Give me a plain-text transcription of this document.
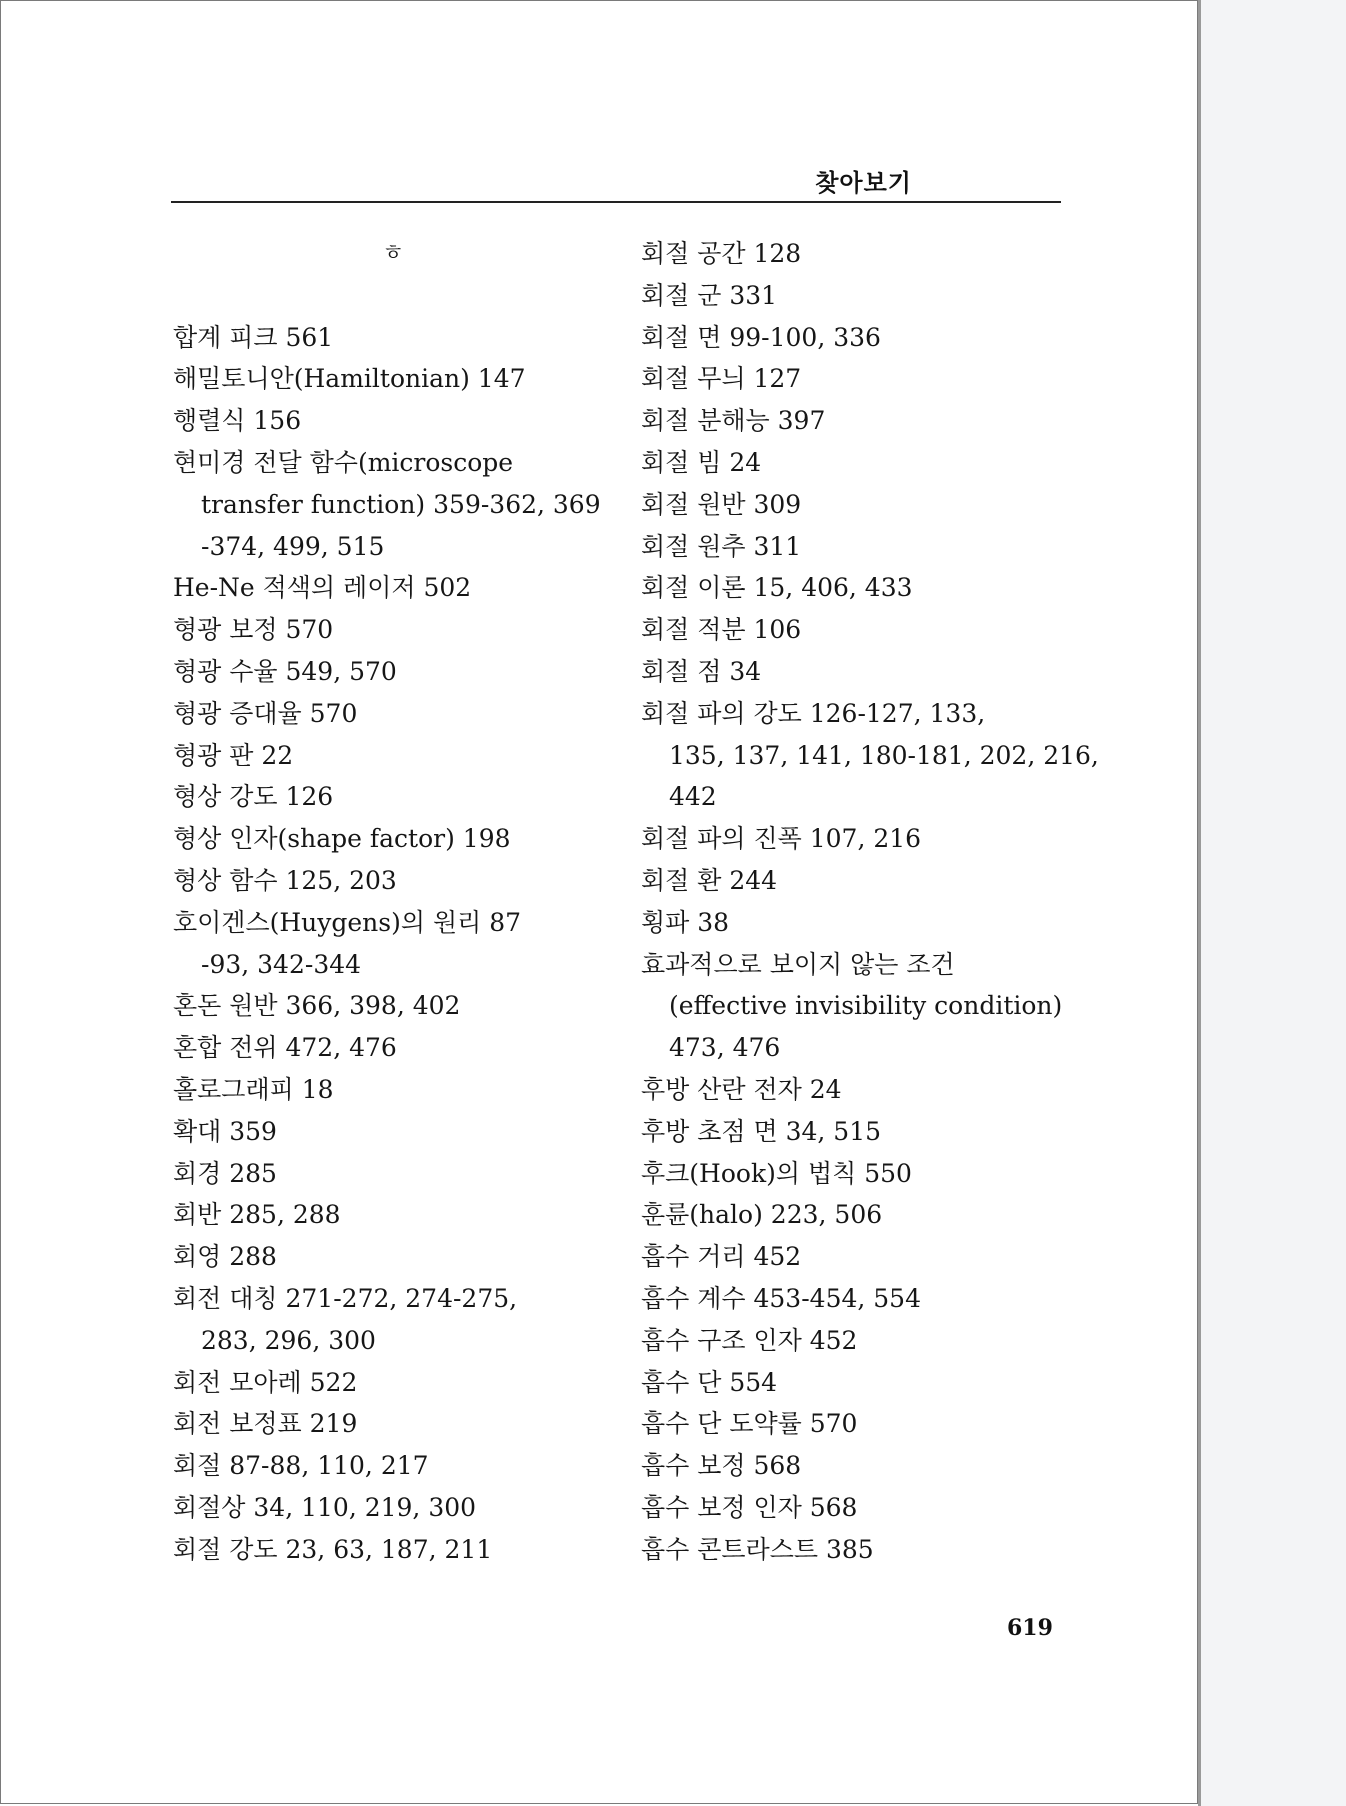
찾아보기
ㅎ
합계 피크 561
해밀토니안(Hamiltonian) 147
행렬식 156
현미경 전달 함수(microscope
transfer function) 359-362, 369
-374, 499, 515
He-Ne 적색의 레이저 502
형광 보정 570
형광 수율 549, 570
형광 증대율 570
형광 판 22
형상 강도 126
형상 인자(shape factor) 198
형상 함수 125, 203
호이겐스(Huygens)의 원리 87
-93, 342-344
혼돈 원반 366, 398, 402
혼합 전위 472, 476
홀로그래피 18
확대 359
회경 285
회반 285, 288
회영 288
회전 대칭 271-272, 274-275,
283, 296, 300
회전 모아레 522
회전 보정표 219
회절 87-88, 110, 217
회절상 34, 110, 219, 300
회절 강도 23, 63, 187, 211
회절 공간 128
회절 군 331
회절 면 99-100, 336
회절 무늬 127
회절 분해능 397
회절 빔 24
회절 원반 309
회절 원추 311
회절 이론 15, 406, 433
회절 적분 106
회절 점 34
회절 파의 강도 126-127, 133,
135, 137, 141, 180-181, 202, 216,
442
회절 파의 진폭 107, 216
회절 환 244
횡파 38
효과적으로 보이지 않는 조건
(effective invisibility condition)
473, 476
후방 산란 전자 24
후방 초점 면 34, 515
후크(Hook)의 법칙 550
훈륜(halo) 223, 506
흡수 거리 452
흡수 계수 453-454, 554
흡수 구조 인자 452
흡수 단 554
흡수 단 도약률 570
흡수 보정 568
흡수 보정 인자 568
흡수 콘트라스트 385
619
